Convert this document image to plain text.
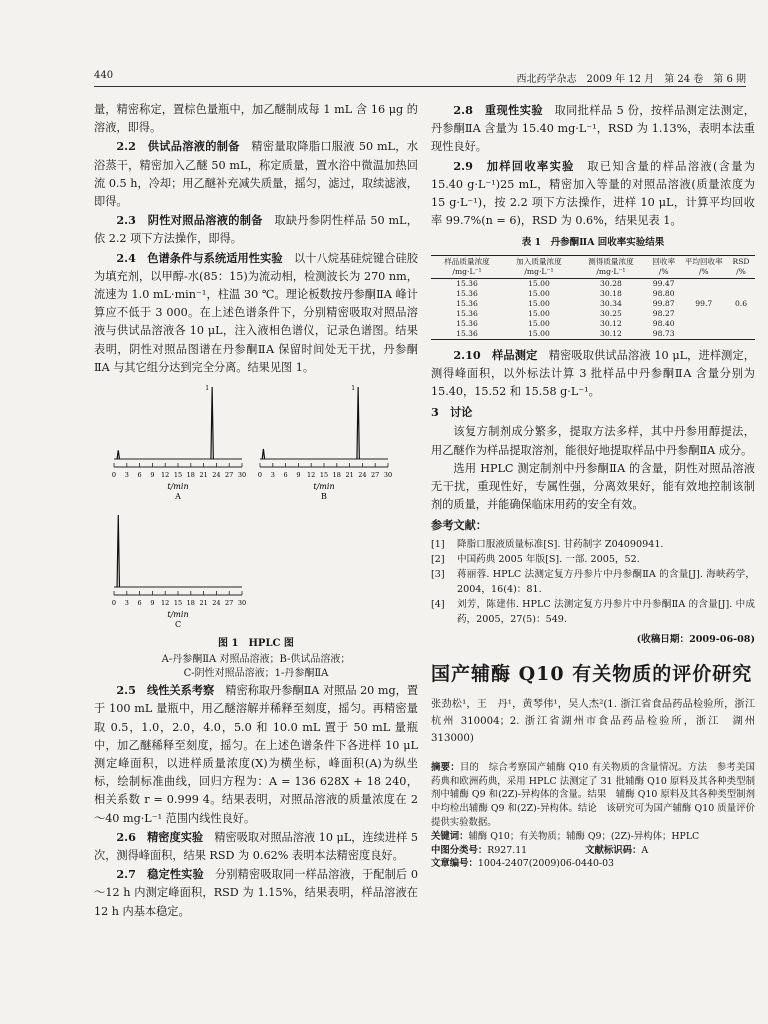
440	西北药学杂志　2009 年 12 月　第 24 卷　第 6 期

量，精密称定，置棕色量瓶中，加乙醚制成每 1 mL 含 16 μg 的溶液，即得。

2.2　供试品溶液的制备　精密量取降脂口服液 50 mL，水浴蒸干，精密加入乙醚 50 mL，称定质量，置水浴中微温加热回流 0.5 h，冷却；用乙醚补充减失质量，摇匀，滤过，取续滤液，即得。

2.3　阴性对照品溶液的制备　取缺丹参阴性样品 50 mL，依 2.2 项下方法操作，即得。

2.4　色谱条件与系统适用性实验　以十八烷基硅烷键合硅胶为填充剂，以甲醇-水(85：15)为流动相，检测波长为 270 nm，流速为 1.0 mL·min⁻¹，柱温 30 ℃。理论板数按丹参酮ⅡA 峰计算应不低于 3 000。在上述色谱条件下，分别精密吸取对照品溶液与供试品溶液各 10 μL，注入液相色谱仪，记录色谱图。结果表明，阴性对照品图谱在丹参酮ⅡA 保留时间处无干扰，丹参酮ⅡA 与其它组分达到完全分离。结果见图 1。

0 3 6 9 12 15 18 21 24 27 30
1
t/min
A
0 3 6 9 12 15 18 21 24 27 30
1
t/min
B
0 3 6 9 12 15 18 21 24 27 30
t/min
C
图 1　HPLC 图
A-丹参酮ⅡA 对照品溶液；B-供试品溶液；
C-阴性对照品溶液；1-丹参酮ⅡA

2.5　线性关系考察　精密称取丹参酮ⅡA 对照品 20 mg，置于 100 mL 量瓶中，用乙醚溶解并稀释至刻度，摇匀。再精密量取 0.5，1.0，2.0，4.0，5.0 和 10.0 mL 置于 50 mL 量瓶中，加乙醚稀释至刻度，摇匀。在上述色谱条件下各进样 10 μL 测定峰面积，以进样质量浓度(X)为横坐标，峰面积(A)为纵坐标，绘制标准曲线，回归方程为：A = 136 628X + 18 240，相关系数 r = 0.999 4。结果表明，对照品溶液的质量浓度在 2～40 mg·L⁻¹ 范围内线性良好。

2.6　精密度实验　精密吸取对照品溶液 10 μL，连续进样 5 次，测得峰面积，结果 RSD 为 0.62% 表明本法精密度良好。

2.7　稳定性实验　分别精密吸取同一样品溶液，于配制后 0～12 h 内测定峰面积，RSD 为 1.15%，结果表明，样品溶液在 12 h 内基本稳定。

2.8　重现性实验　取同批样品 5 份，按样品测定法测定，丹参酮ⅡA 含量为 15.40 mg·L⁻¹，RSD 为 1.13%，表明本法重现性良好。

2.9　加样回收率实验　取已知含量的样品溶液(含量为 15.40 g·L⁻¹)25 mL，精密加入等量的对照品溶液(质量浓度为 15 g·L⁻¹)，按 2.2 项下方法操作，进样 10 μL，计算平均回收率 99.7%(n = 6)，RSD 为 0.6%，结果见表 1。

表 1　丹参酮ⅡA 回收率实验结果
样品质量浓度 /mg·L⁻¹	加入质量浓度 /mg·L⁻¹	测得质量浓度 /mg·L⁻¹	回收率 /%	平均回收率 /%	RSD /%
15.36	15.00	30.28	99.47		
15.36	15.00	30.18	98.80		
15.36	15.00	30.34	99.87	99.7	0.6
15.36	15.00	30.25	98.27		
15.36	15.00	30.12	98.40		
15.36	15.00	30.12	98.73		

2.10　样品测定　精密吸取供试品溶液 10 μL，进样测定，测得峰面积，以外标法计算 3 批样品中丹参酮ⅡA 含量分别为 15.40，15.52 和 15.58 g·L⁻¹。

3　讨论

该复方制剂成分繁多，提取方法多样，其中丹参用醇提法，用乙醚作为样品提取溶剂，能很好地提取样品中丹参酮ⅡA 成分。

选用 HPLC 测定制剂中丹参酮ⅡA 的含量，阴性对照品溶液无干扰，重现性好，专属性强，分离效果好，能有效地控制该制剂的质量，并能确保临床用药的安全有效。

参考文献：

[1]	降脂口服液质量标准[S]. 甘药制字 Z04090941.
[2]	中国药典 2005 年版[S]. 一部. 2005，52.
[3]	蒋丽蓉. HPLC 法测定复方丹参片中丹参酮ⅡA 的含量[J]. 海峡药学，2004，16(4)：81.
[4]	刘芳，陈建伟. HPLC 法测定复方丹参片中丹参酮ⅡA 的含量[J]. 中成药，2005，27(5)：549.
(收稿日期：2009-06-08)
国产辅酶 Q10 有关物质的评价研究
张劲松¹，王　丹¹，黄琴伟¹，吴人杰²(1. 浙江省食品药品检验所，浙江　杭州 310004；2. 浙江省湖州市食品药品检验所，浙江　湖州 313000)
摘要：目的　综合考察国产辅酶 Q10 有关物质的含量情况。方法　参考美国药典和欧洲药典，采用 HPLC 法测定了 31 批辅酶 Q10 原料及其各种类型制剂中辅酶 Q9 和(2Z)-异构体的含量。结果　辅酶 Q10 原料及其各种类型制剂中均检出辅酶 Q9 和(2Z)-异构体。结论　该研究可为国产辅酶 Q10 质量评价提供实验数据。
关键词：辅酶 Q10；有关物质；辅酶 Q9；(2Z)-异构体；HPLC
中图分类号：R927.11	文献标识码：A
文章编号：1004-2407(2009)06-0440-03
